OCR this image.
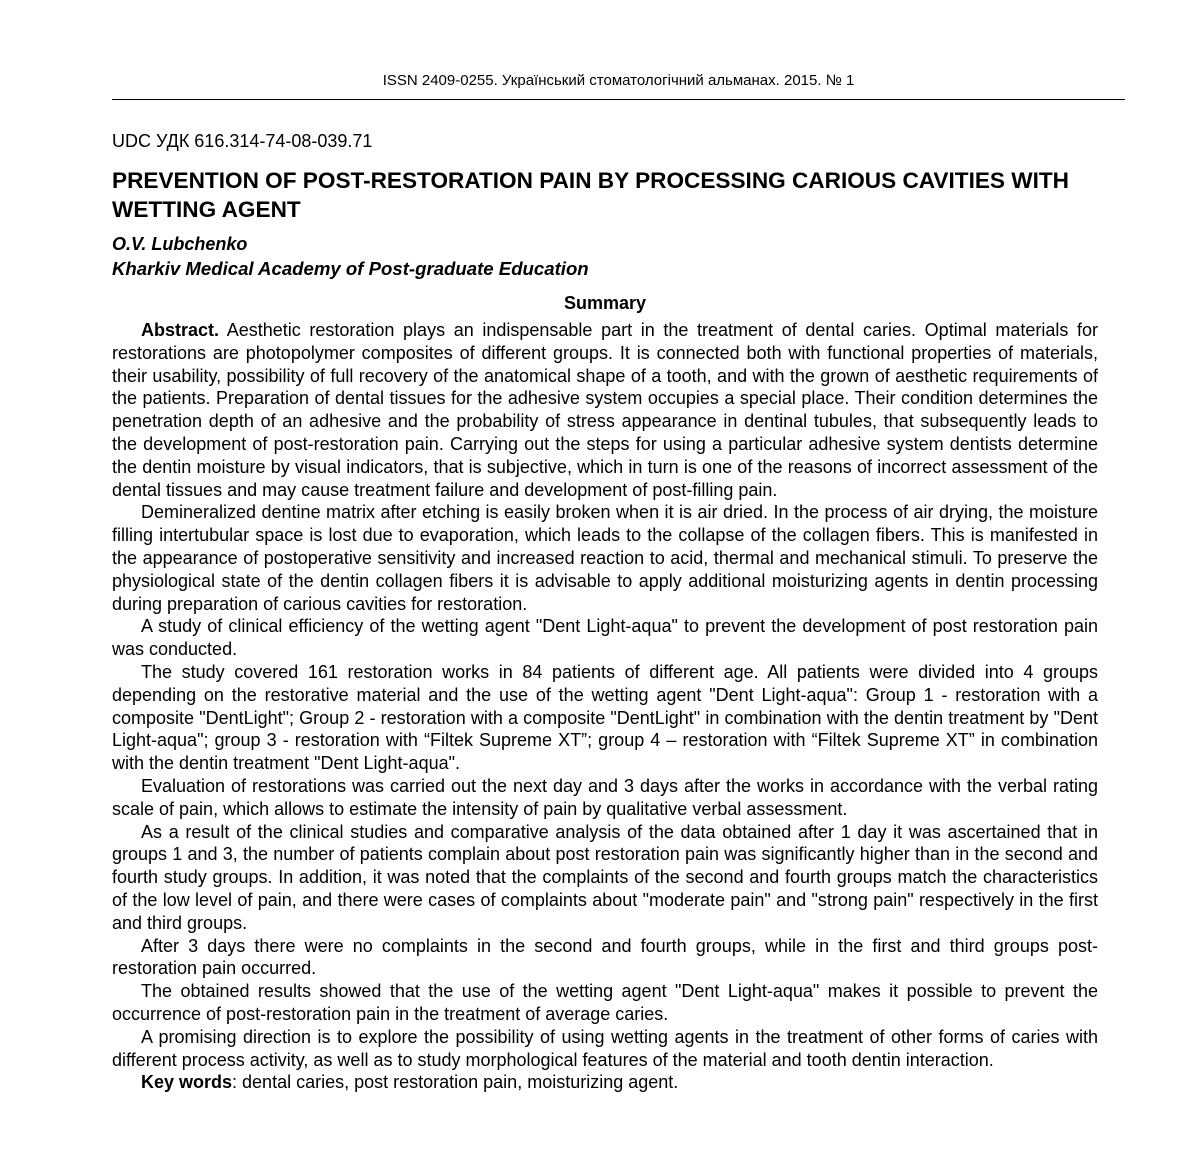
ISSN 2409-0255. Український стоматологічний альманах. 2015. № 1
UDC УДК 616.314-74-08-039.71
PREVENTION OF POST-RESTORATION PAIN BY PROCESSING CARIOUS CAVITIES WITH WETTING AGENT
O.V. Lubchenko
Kharkiv Medical Academy of Post-graduate Education
Summary

Abstract. Aesthetic restoration plays an indispensable part in the treatment of dental caries. Optimal materials for restorations are photopolymer composites of different groups. It is connected both with functional properties of materials, their usability, possibility of full recovery of the anatomical shape of a tooth, and with the grown of aesthetic requirements of the patients. Preparation of dental tissues for the adhesive system occupies a special place. Their condition determines the penetration depth of an adhesive and the probability of stress appearance in dentinal tubules, that subsequently leads to the development of post-restoration pain. Carrying out the steps for using a particular adhesive system dentists determine the dentin moisture by visual indicators, that is subjective, which in turn is one of the reasons of incorrect assessment of the dental tissues and may cause treatment failure and development of post-filling pain.

Demineralized dentine matrix after etching is easily broken when it is air dried. In the process of air drying, the moisture filling intertubular space is lost due to evaporation, which leads to the collapse of the collagen fibers. This is manifested in the appearance of postoperative sensitivity and increased reaction to acid, thermal and mechanical stimuli. To preserve the physiological state of the dentin collagen fibers it is advisable to apply additional moisturizing agents in dentin processing during preparation of carious cavities for restoration.

A study of clinical efficiency of the wetting agent "Dent Light-aqua" to prevent the development of post restoration pain was conducted.

The study covered 161 restoration works in 84 patients of different age. All patients were divided into 4 groups depending on the restorative material and the use of the wetting agent "Dent Light-aqua": Group 1 - restoration with a composite "DentLight"; Group 2 - restoration with a composite "DentLight" in combination with the dentin treatment by "Dent Light-aqua"; group 3 - restoration with “Filtek Supreme XT”; group 4 – restoration with “Filtek Supreme XT” in combination with the dentin treatment "Dent Light-aqua".

Evaluation of restorations was carried out the next day and 3 days after the works in accordance with the verbal rating scale of pain, which allows to estimate the intensity of pain by qualitative verbal assessment.

As a result of the clinical studies and comparative analysis of the data obtained after 1 day it was ascertained that in groups 1 and 3, the number of patients complain about post restoration pain was significantly higher than in the second and fourth study groups. In addition, it was noted that the complaints of the second and fourth groups match the characteristics of the low level of pain, and there were cases of complaints about "moderate pain" and "strong pain" respectively in the first and third groups.

After 3 days there were no complaints in the second and fourth groups, while in the first and third groups post-restoration pain occurred.

The obtained results showed that the use of the wetting agent "Dent Light-aqua" makes it possible to prevent the occurrence of post-restoration pain in the treatment of average caries.

A promising direction is to explore the possibility of using wetting agents in the treatment of other forms of caries with different process activity, as well as to study morphological features of the material and tooth dentin interaction.

Key words: dental caries, post restoration pain, moisturizing agent.
